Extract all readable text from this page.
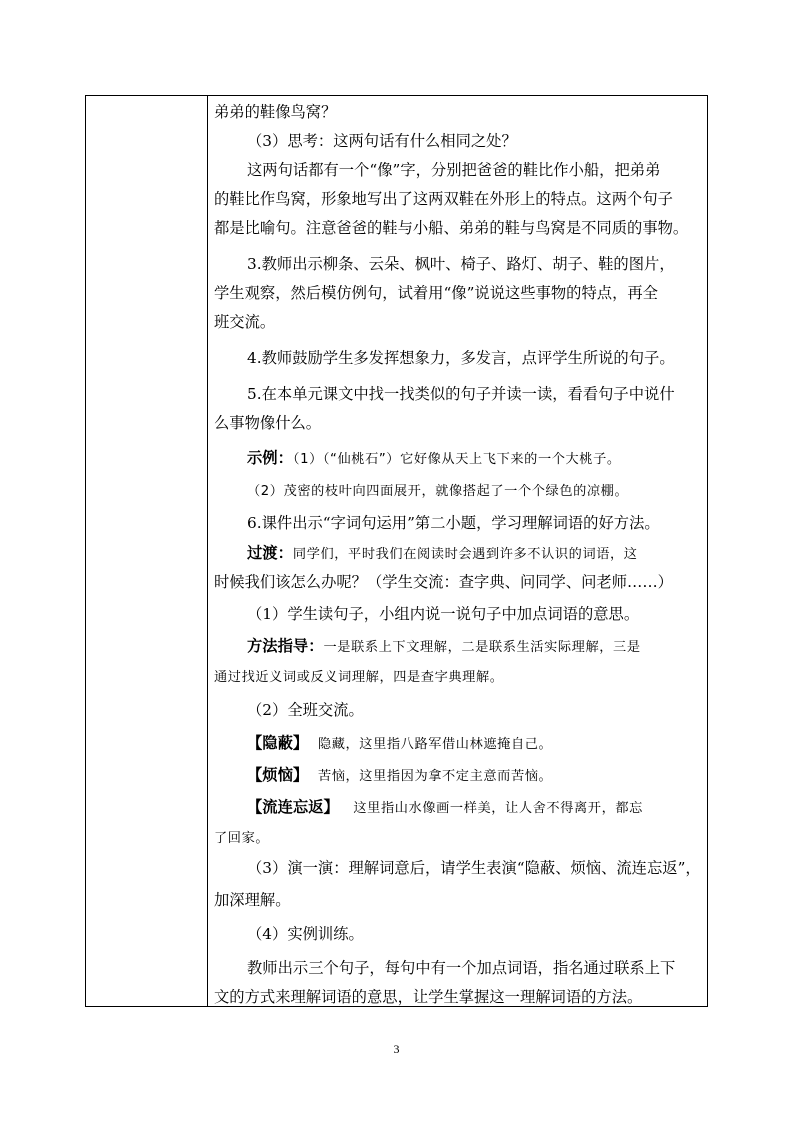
弟弟的鞋像鸟窝？
（3）思考：这两句话有什么相同之处？
这两句话都有一个“像”字，分别把爸爸的鞋比作小船，把弟弟
的鞋比作鸟窝，形象地写出了这两双鞋在外形上的特点。这两个句子
都是比喻句。注意爸爸的鞋与小船、弟弟的鞋与鸟窝是不同质的事物。
3.教师出示柳条、云朵、枫叶、椅子、路灯、胡子、鞋的图片，
学生观察，然后模仿例句，试着用“像”说说这些事物的特点，再全
班交流。
4.教师鼓励学生多发挥想象力，多发言，点评学生所说的句子。
5.在本单元课文中找一找类似的句子并读一读，看看句子中说什
么事物像什么。
示例：（1）（“仙桃石”）它好像从天上飞下来的一个大桃子。
（2）茂密的枝叶向四面展开，就像搭起了一个个绿色的凉棚。
6.课件出示“字词句运用”第二小题，学习理解词语的好方法。
过渡：同学们，平时我们在阅读时会遇到许多不认识的词语，这
时候我们该怎么办呢？（学生交流：查字典、问同学、问老师……）
（1）学生读句子，小组内说一说句子中加点词语的意思。
方法指导：一是联系上下文理解，二是联系生活实际理解，三是
通过找近义词或反义词理解，四是查字典理解。
（2）全班交流。
【隐蔽】 隐藏，这里指八路军借山林遮掩自己。
【烦恼】 苦恼，这里指因为拿不定主意而苦恼。
【流连忘返】 这里指山水像画一样美，让人舍不得离开，都忘
了回家。
（3）演一演：理解词意后，请学生表演“隐蔽、烦恼、流连忘返”，
加深理解。
（4）实例训练。
教师出示三个句子，每句中有一个加点词语，指名通过联系上下
文的方式来理解词语的意思，让学生掌握这一理解词语的方法。
3
